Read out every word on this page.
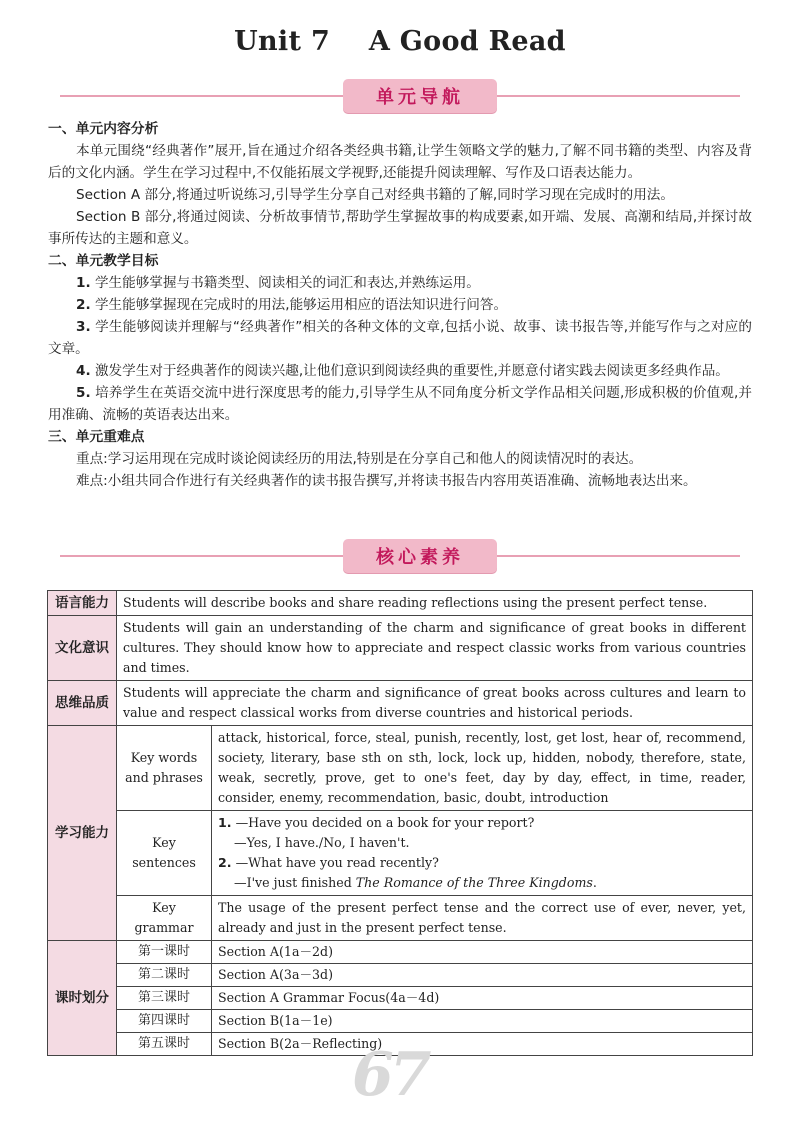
Unit 7    A Good Read
单元导航
一、单元内容分析
本单元围绕“经典著作”展开,旨在通过介绍各类经典书籍,让学生领略文学的魅力,了解不同书籍的类型、内容及背后的文化内涵。学生在学习过程中,不仅能拓展文学视野,还能提升阅读理解、写作及口语表达能力。
Section A 部分,将通过听说练习,引导学生分享自己对经典书籍的了解,同时学习现在完成时的用法。
Section B 部分,将通过阅读、分析故事情节,帮助学生掌握故事的构成要素,如开端、发展、高潮和结局,并探讨故事所传达的主题和意义。
二、单元教学目标
1. 学生能够掌握与书籍类型、阅读相关的词汇和表达,并熟练运用。
2. 学生能够掌握现在完成时的用法,能够运用相应的语法知识进行问答。
3. 学生能够阅读并理解与“经典著作”相关的各种文体的文章,包括小说、故事、读书报告等,并能写作与之对应的文章。
4. 激发学生对于经典著作的阅读兴趣,让他们意识到阅读经典的重要性,并愿意付诸实践去阅读更多经典作品。
5. 培养学生在英语交流中进行深度思考的能力,引导学生从不同角度分析文学作品相关问题,形成积极的价值观,并用准确、流畅的英语表达出来。
三、单元重难点
重点:学习运用现在完成时谈论阅读经历的用法,特别是在分享自己和他人的阅读情况时的表达。
难点:小组共同合作进行有关经典著作的读书报告撰写,并将读书报告内容用英语准确、流畅地表达出来。
核心素养
语言能力	Students will describe books and share reading reflections using the present perfect tense.	
文化意识	Students will gain an understanding of the charm and significance of great books in different cultures. They should know how to appreciate and respect classic works from various countries and times.	
思维品质	Students will appreciate the charm and significance of great books across cultures and learn to value and respect classical works from diverse countries and historical periods.	
学习能力	Key words and phrases	attack, historical, force, steal, punish, recently, lost, get lost, hear of, recommend, society, literary, base sth on sth, lock, lock up, hidden, nobody, therefore, state, weak, secretly, prove, get to one's feet, day by day, effect, in time, reader, consider, enemy, recommendation, basic, doubt, introduction
	Key sentences	1. —Have you decided on a book for your report?
—Yes, I have./No, I haven't.
2. —What have you read recently?
—I've just finished The Romance of the Three Kingdoms.

	Key grammar	The usage of the present perfect tense and the correct use of ever, never, yet, already and just in the present perfect tense.
课时划分	第一课时	Section A(1a－2d)
	第二课时	Section A(3a－3d)
	第三课时	Section A Grammar Focus(4a－4d)
	第四课时	Section B(1a－1e)
	第五课时	Section B(2a－Reflecting)
67
